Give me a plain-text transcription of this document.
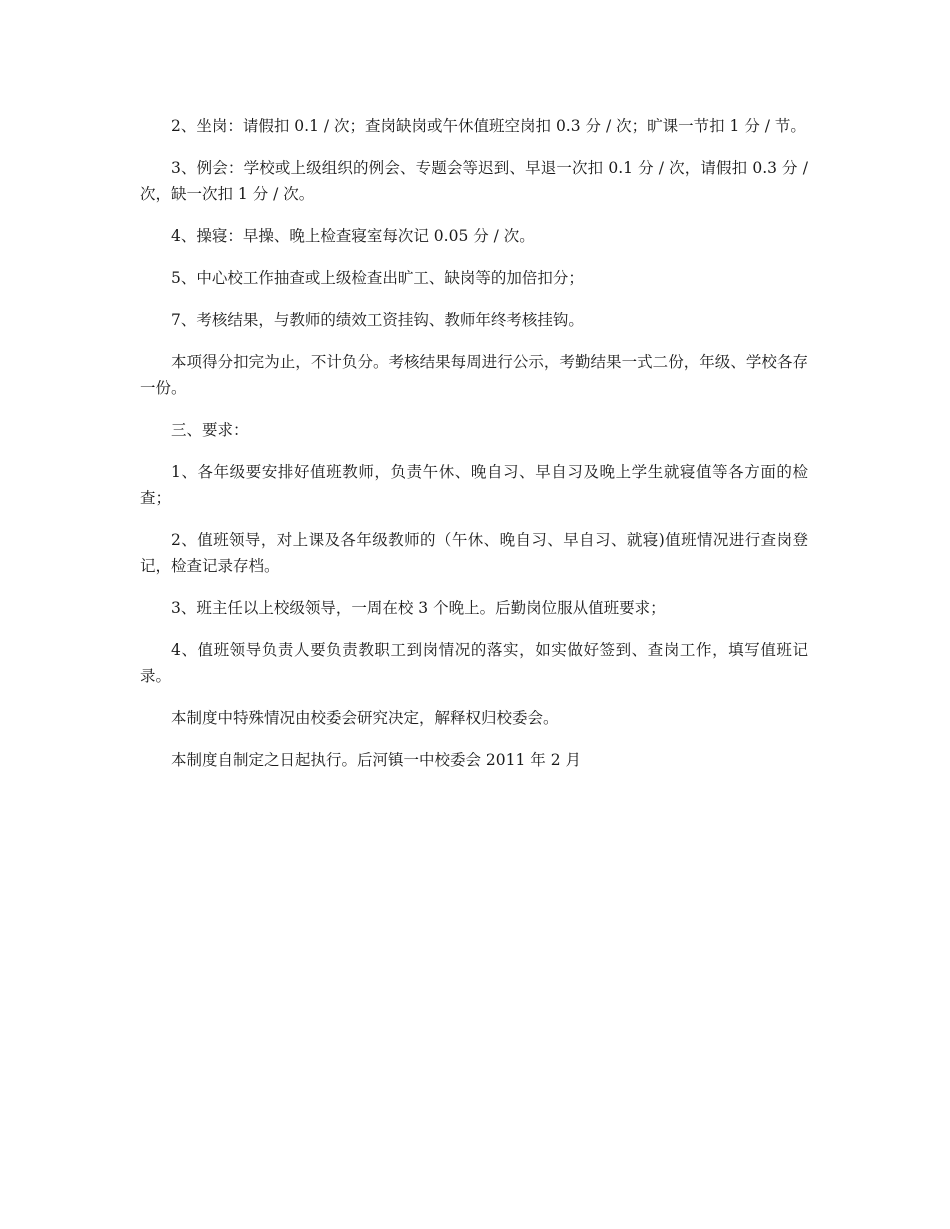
2、坐岗：请假扣 0.1 / 次；查岗缺岗或午休值班空岗扣 0.3 分 / 次；旷课一节扣 1 分 / 节。

3、例会：学校或上级组织的例会、专题会等迟到、早退一次扣 0.1 分 / 次，请假扣 0.3 分 / 次，缺一次扣 1 分 / 次。

4、操寝：早操、晚上检查寝室每次记 0.05 分 / 次。

5、中心校工作抽查或上级检查出旷工、缺岗等的加倍扣分；

7、考核结果，与教师的绩效工资挂钩、教师年终考核挂钩。

本项得分扣完为止，不计负分。考核结果每周进行公示，考勤结果一式二份，年级、学校各存一份。

三、要求：

1、各年级要安排好值班教师，负责午休、晚自习、早自习及晚上学生就寝值等各方面的检查；

2、值班领导，对上课及各年级教师的（午休、晚自习、早自习、就寝)值班情况进行查岗登记，检查记录存档。

3、班主任以上校级领导，一周在校 3 个晚上。后勤岗位服从值班要求；

4、值班领导负责人要负责教职工到岗情况的落实，如实做好签到、查岗工作，填写值班记录。

本制度中特殊情况由校委会研究决定，解释权归校委会。

本制度自制定之日起执行。后河镇一中校委会 2011 年 2 月
